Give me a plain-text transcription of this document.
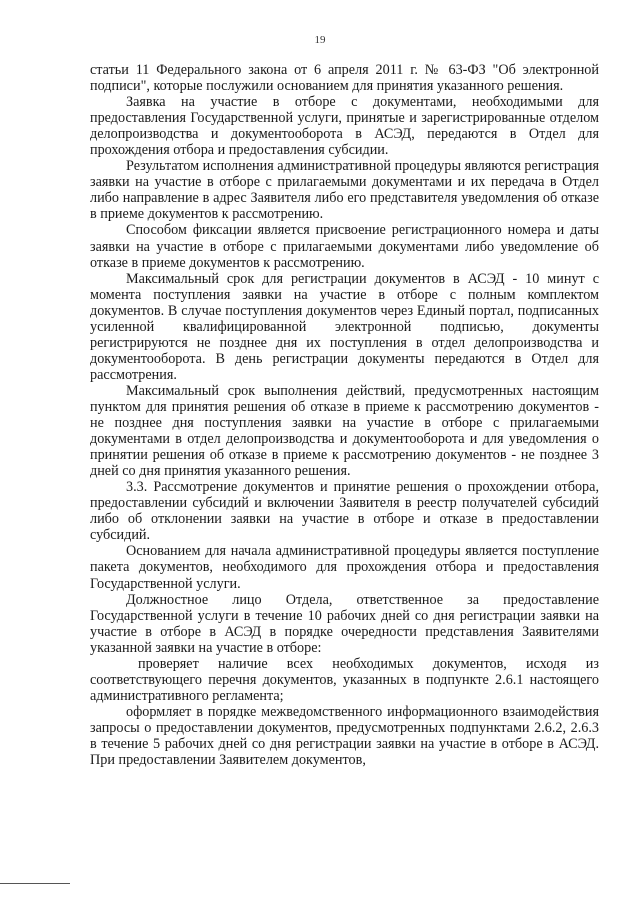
19

статьи 11 Федерального закона от 6 апреля 2011 г. № 63-ФЗ "Об электронной подписи", которые послужили основанием для принятия указанного решения.

Заявка на участие в отборе с документами, необходимыми для предоставления Государственной услуги, принятые и зарегистрированные отделом делопроизводства и документооборота в АСЭД, передаются в Отдел для прохождения отбора и предоставления субсидии.

Результатом исполнения административной процедуры являются регистрация заявки на участие в отборе с прилагаемыми документами и их передача в Отдел либо направление в адрес Заявителя либо его представителя уведомления об отказе в приеме документов к рассмотрению.

Способом фиксации является присвоение регистрационного номера и даты заявки на участие в отборе с прилагаемыми документами либо уведомление об отказе в приеме документов к рассмотрению.

Максимальный срок для регистрации документов в АСЭД - 10 минут с момента поступления заявки на участие в отборе с полным комплектом документов. В случае поступления документов через Единый портал, подписанных усиленной квалифицированной электронной подписью, документы регистрируются не позднее дня их поступления в отдел делопроизводства и документооборота. В день регистрации документы передаются в Отдел для рассмотрения.

Максимальный срок выполнения действий, предусмотренных настоящим пунктом для принятия решения об отказе в приеме к рассмотрению документов - не позднее дня поступления заявки на участие в отборе с прилагаемыми документами в отдел делопроизводства и документооборота и для уведомления о принятии решения об отказе в приеме к рассмотрению документов - не позднее 3 дней со дня принятия указанного решения.

3.3. Рассмотрение документов и принятие решения о прохождении отбора, предоставлении субсидий и включении Заявителя в реестр получателей субсидий либо об отклонении заявки на участие в отборе и отказе в предоставлении субсидий.

Основанием для начала административной процедуры является поступление пакета документов, необходимого для прохождения отбора и предоставления Государственной услуги.

Должностное лицо Отдела, ответственное за предоставление Государственной услуги в течение 10 рабочих дней со дня регистрации заявки на участие в отборе в АСЭД в порядке очередности представления Заявителями указанной заявки на участие в отборе:

проверяет наличие всех необходимых документов, исходя из соответствующего перечня документов, указанных в подпункте 2.6.1 настоящего административного регламента;

оформляет в порядке межведомственного информационного взаимодействия запросы о предоставлении документов, предусмотренных подпунктами 2.6.2, 2.6.3 в течение 5 рабочих дней со дня регистрации заявки на участие в отборе в АСЭД. При предоставлении Заявителем документов,
